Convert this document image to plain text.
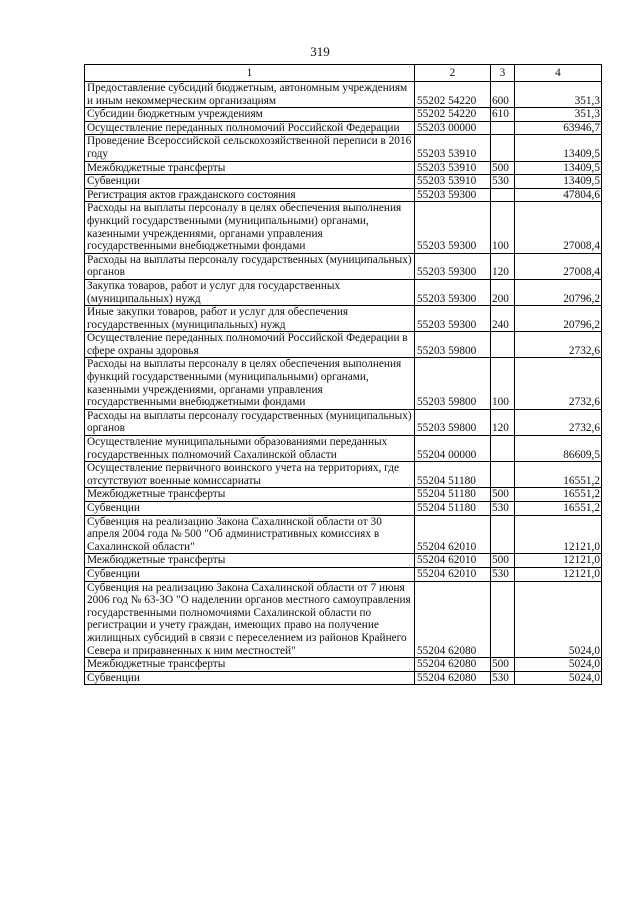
319
1	2	3	4
Предоставление субсидий бюджетным, автономным учреждениям и иным некоммерческим организациям	55202 54220	600	351,3
Субсидии бюджетным учреждениям	55202 54220	610	351,3
Осуществление переданных полномочий Российской Федерации	55203 00000		63946,7
Проведение Всероссийской сельскохозяйственной переписи в 2016 году	55203 53910		13409,5
Межбюджетные трансферты	55203 53910	500	13409,5
Субвенции	55203 53910	530	13409,5
Регистрация актов гражданского состояния	55203 59300		47804,6
Расходы на выплаты персоналу в целях обеспечения выполнения функций государственными (муниципальными) органами, казенными учреждениями, органами управления государственными внебюджетными фондами	55203 59300	100	27008,4
Расходы на выплаты персоналу государственных (муниципальных) органов	55203 59300	120	27008,4
Закупка товаров, работ и услуг для государственных (муниципальных) нужд	55203 59300	200	20796,2
Иные закупки товаров, работ и услуг для обеспечения государственных (муниципальных) нужд	55203 59300	240	20796,2
Осуществление переданных полномочий Российской Федерации в сфере охраны здоровья	55203 59800		2732,6
Расходы на выплаты персоналу в целях обеспечения выполнения функций государственными (муниципальными) органами, казенными учреждениями, органами управления государственными внебюджетными фондами	55203 59800	100	2732,6
Расходы на выплаты персоналу государственных (муниципальных) органов	55203 59800	120	2732,6
Осуществление муниципальными образованиями переданных государственных полномочий Сахалинской области	55204 00000		86609,5
Осуществление первичного воинского учета на территориях, где отсутствуют военные комиссариаты	55204 51180		16551,2
Межбюджетные трансферты	55204 51180	500	16551,2
Субвенции	55204 51180	530	16551,2
Субвенция на реализацию Закона Сахалинской области от 30 апреля 2004 года № 500 "Об административных комиссиях в Сахалинской области"	55204 62010		12121,0
Межбюджетные трансферты	55204 62010	500	12121,0
Субвенции	55204 62010	530	12121,0
Субвенция на реализацию Закона Сахалинской области от 7 июня 2006 год № 63-ЗО "О наделении органов местного самоуправления государственными полномочиями Сахалинской области по регистрации и учету граждан, имеющих право на получение жилищных субсидий в связи с переселением из районов Крайнего Севера и приравненных к ним местностей"	55204 62080		5024,0
Межбюджетные трансферты	55204 62080	500	5024,0
Субвенции	55204 62080	530	5024,0
